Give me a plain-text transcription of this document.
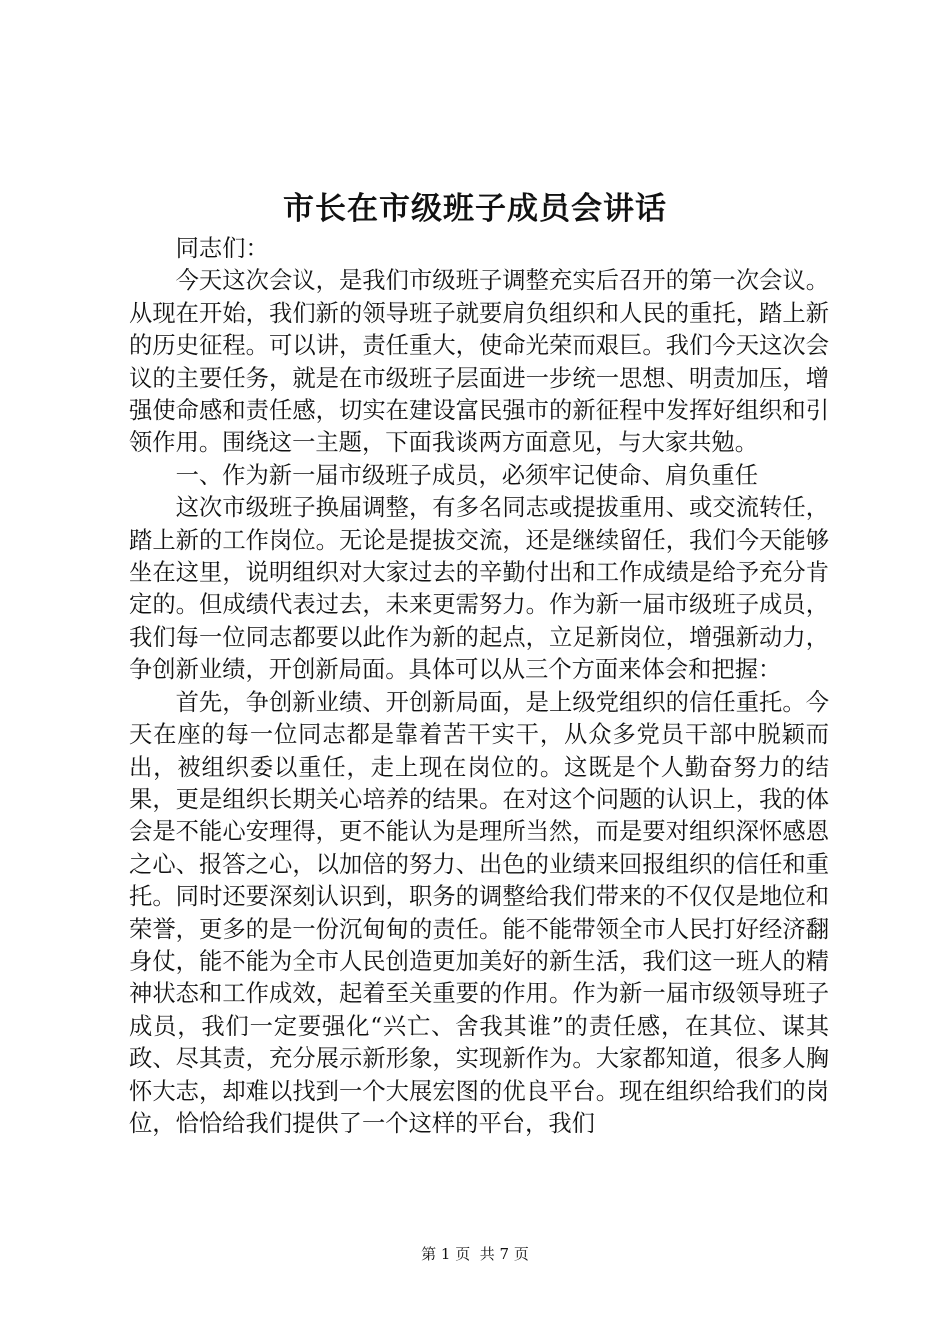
市长在市级班子成员会讲话

同志们：

今天这次会议，是我们市级班子调整充实后召开的第一次会议。从现在开始，我们新的领导班子就要肩负组织和人民的重托，踏上新的历史征程。可以讲，责任重大，使命光荣而艰巨。我们今天这次会议的主要任务，就是在市级班子层面进一步统一思想、明责加压，增强使命感和责任感，切实在建设富民强市的新征程中发挥好组织和引领作用。围绕这一主题，下面我谈两方面意见，与大家共勉。

一、作为新一届市级班子成员，必须牢记使命、肩负重任

这次市级班子换届调整，有多名同志或提拔重用、或交流转任，踏上新的工作岗位。无论是提拔交流，还是继续留任，我们今天能够坐在这里，说明组织对大家过去的辛勤付出和工作成绩是给予充分肯定的。但成绩代表过去，未来更需努力。作为新一届市级班子成员，我们每一位同志都要以此作为新的起点，立足新岗位，增强新动力，争创新业绩，开创新局面。具体可以从三个方面来体会和把握：

首先，争创新业绩、开创新局面，是上级党组织的信任重托。今天在座的每一位同志都是靠着苦干实干，从众多党员干部中脱颖而出，被组织委以重任，走上现在岗位的。这既是个人勤奋努力的结果，更是组织长期关心培养的结果。在对这个问题的认识上，我的体会是不能心安理得，更不能认为是理所当然，而是要对组织深怀感恩之心、报答之心，以加倍的努力、出色的业绩来回报组织的信任和重托。同时还要深刻认识到，职务的调整给我们带来的不仅仅是地位和荣誉，更多的是一份沉甸甸的责任。能不能带领全市人民打好经济翻身仗，能不能为全市人民创造更加美好的新生活，我们这一班人的精神状态和工作成效，起着至关重要的作用。作为新一届市级领导班子成员，我们一定要强化“兴亡、舍我其谁”的责任感，在其位、谋其政、尽其责，充分展示新形象，实现新作为。大家都知道，很多人胸怀大志，却难以找到一个大展宏图的优良平台。现在组织给我们的岗位，恰恰给我们提供了一个这样的平台，我们

第 1 页  共 7 页
